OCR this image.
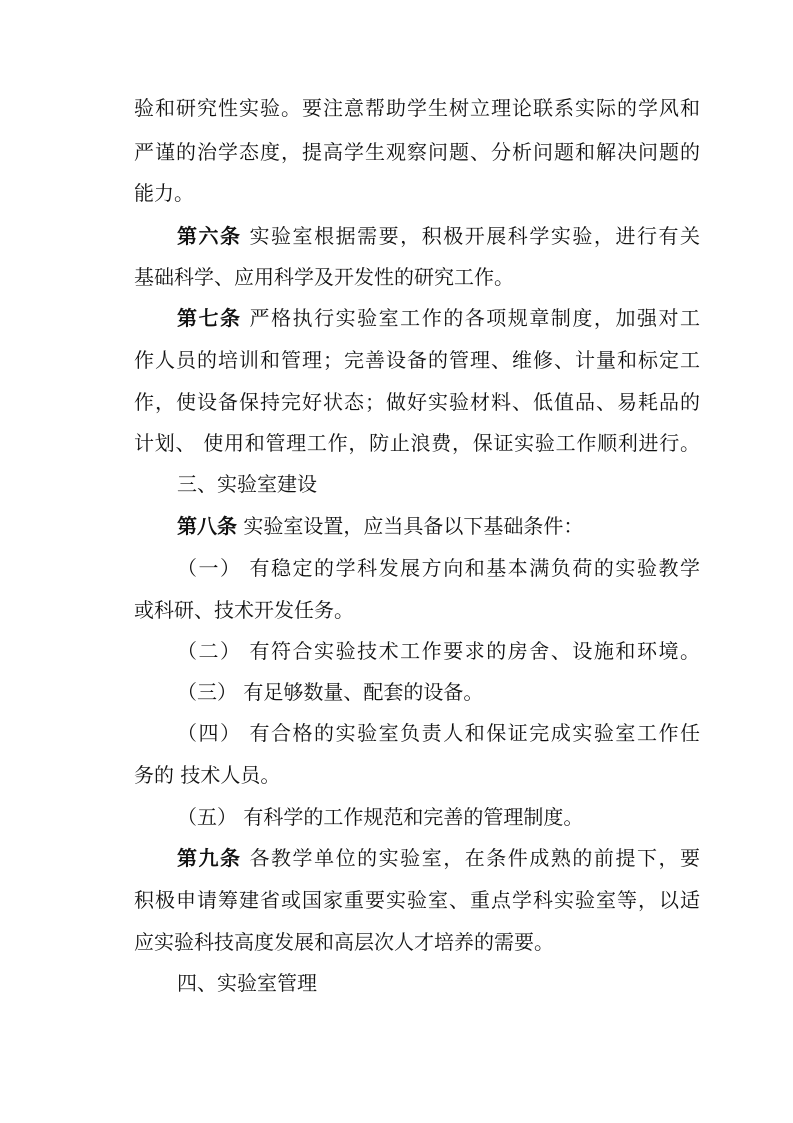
验和研究性实验。要注意帮助学生树立理论联系实际的学风和
严谨的治学态度，提高学生观察问题、分析问题和解决问题的
能力。
第六条 实验室根据需要，积极开展科学实验，进行有关
基础科学、应用科学及开发性的研究工作。
第七条 严格执行实验室工作的各项规章制度，加强对工
作人员的培训和管理；完善设备的管理、维修、计量和标定工
作，使设备保持完好状态；做好实验材料、低值品、易耗品的
计划、 使用和管理工作，防止浪费，保证实验工作顺利进行。
三、实验室建设
第八条 实验室设置，应当具备以下基础条件：
（一） 有稳定的学科发展方向和基本满负荷的实验教学
或科研、技术开发任务。
（二） 有符合实验技术工作要求的房舍、设施和环境。
（三） 有足够数量、配套的设备。
（四） 有合格的实验室负责人和保证完成实验室工作任
务的 技术人员。
（五） 有科学的工作规范和完善的管理制度。
第九条 各教学单位的实验室，在条件成熟的前提下，要
积极申请筹建省或国家重要实验室、重点学科实验室等，以适
应实验科技高度发展和高层次人才培养的需要。
四、实验室管理
